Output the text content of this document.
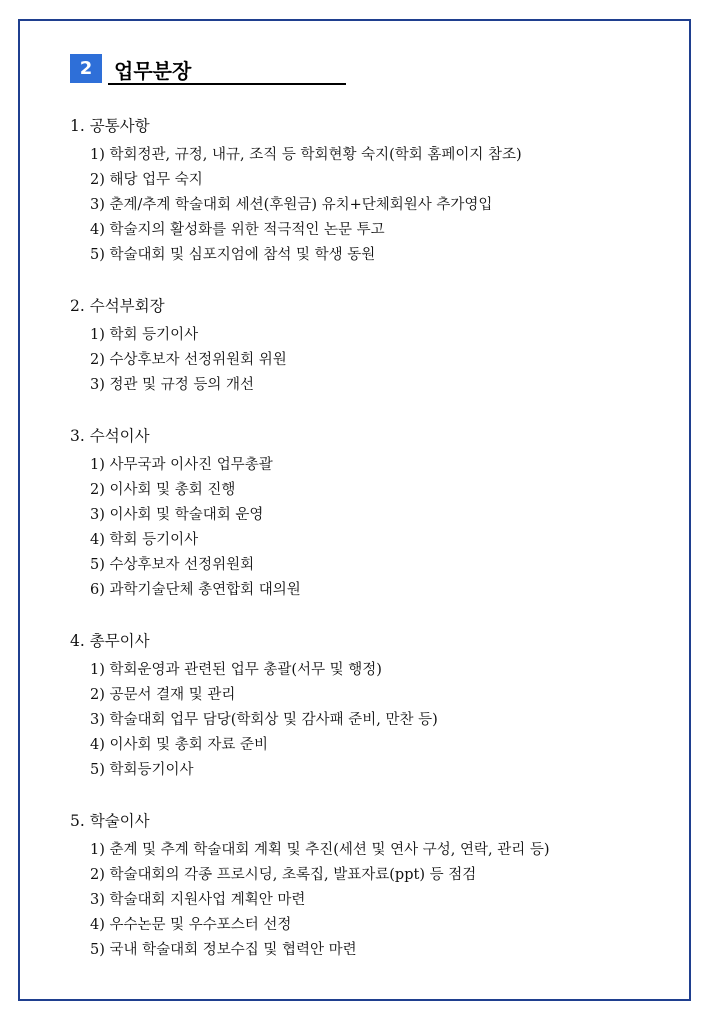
2	업무분장
1. 공통사항
1) 학회정관, 규정, 내규, 조직 등 학회현황 숙지(학회 홈페이지 참조)
2) 해당 업무 숙지
3) 춘계/추계 학술대회 세션(후원금) 유치+단체회원사 추가영입
4) 학술지의 활성화를 위한 적극적인 논문 투고
5) 학술대회 및 심포지엄에 참석 및 학생 동원
2. 수석부회장
1) 학회 등기이사
2) 수상후보자 선정위원회 위원
3) 정관 및 규정 등의 개선
3. 수석이사
1) 사무국과 이사진 업무총괄
2) 이사회 및 총회 진행
3) 이사회 및 학술대회 운영
4) 학회 등기이사
5) 수상후보자 선정위원회
6) 과학기술단체 총연합회 대의원
4. 총무이사
1) 학회운영과 관련된 업무 총괄(서무 및 행정)
2) 공문서 결재 및 관리
3) 학술대회 업무 담당(학회상 및 감사패 준비, 만찬 등)
4) 이사회 및 총회 자료 준비
5) 학회등기이사
5. 학술이사
1) 춘계 및 추계 학술대회 계획 및 추진(세션 및 연사 구성, 연락, 관리 등)
2) 학술대회의 각종 프로시딩, 초록집, 발표자료(ppt) 등 점검
3) 학술대회 지원사업 계획안 마련
4) 우수논문 및 우수포스터 선정
5) 국내 학술대회 정보수집 및 협력안 마련
